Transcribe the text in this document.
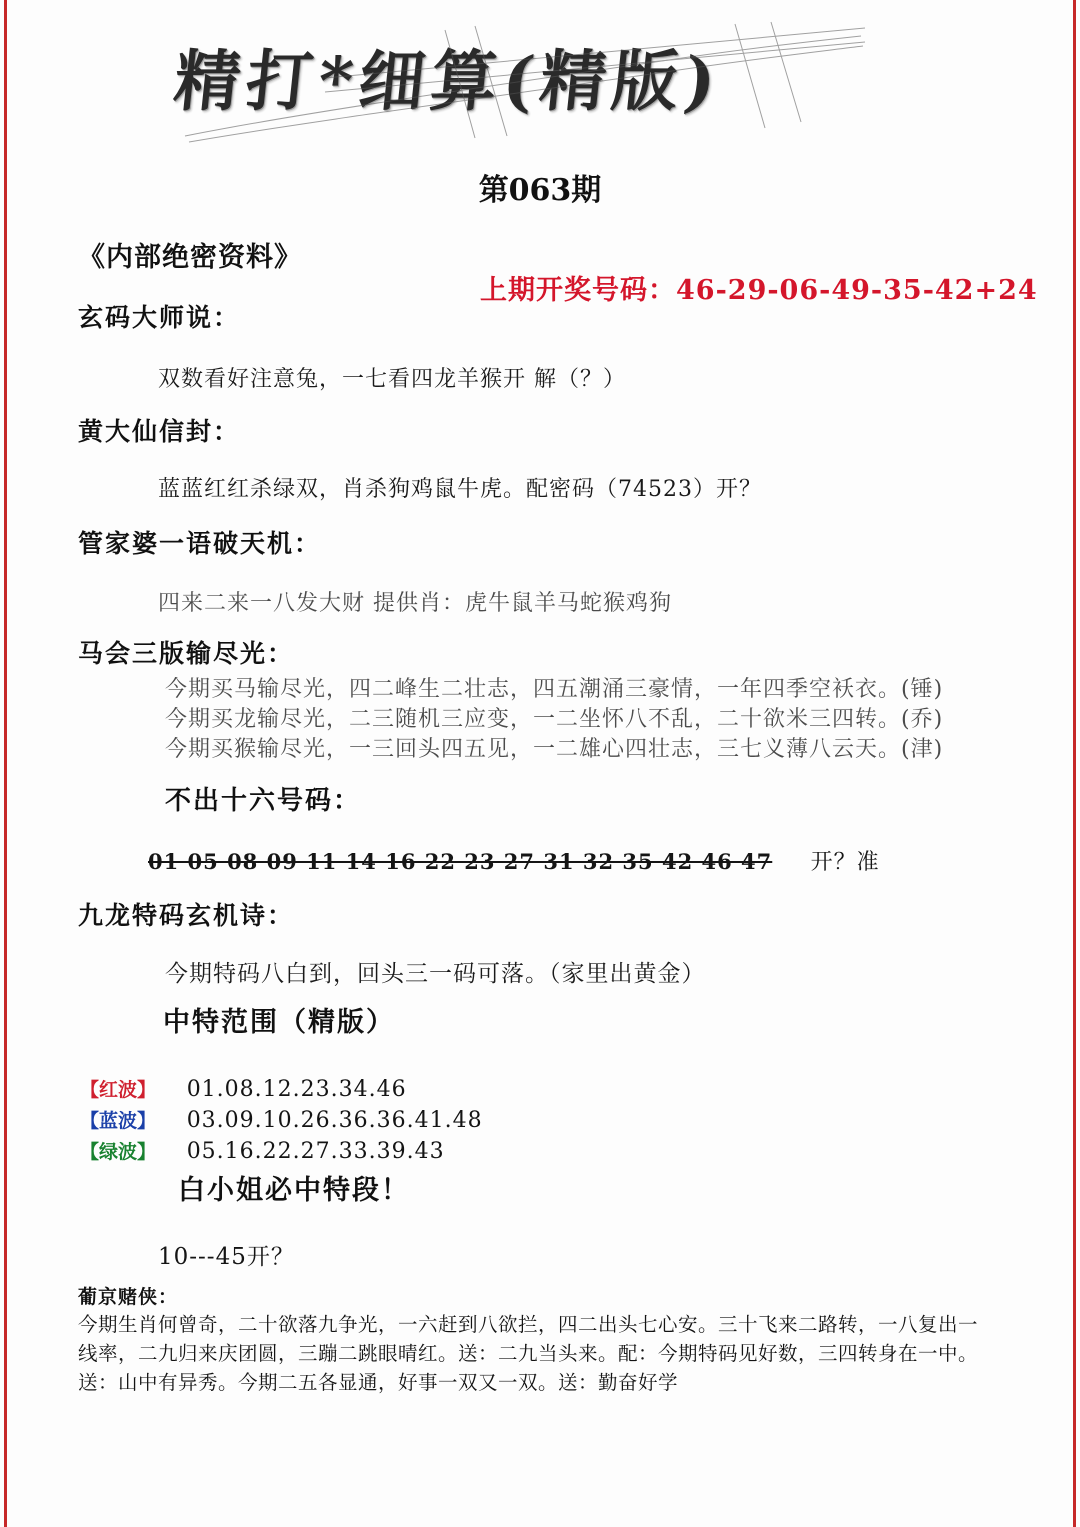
精打*细算(精版)
第063期
《内部绝密资料》
上期开奖号码：46-29-06-49-35-42+24
玄码大师说：
双数看好注意兔，一七看四龙羊猴开 解（？）
黄大仙信封：
蓝蓝红红杀绿双，肖杀狗鸡鼠牛虎。配密码（74523）开？
管家婆一语破天机：
四来二来一八发大财 提供肖：虎牛鼠羊马蛇猴鸡狗
马会三版输尽光：
今期买马输尽光，四二峰生二壮志，四五潮涌三豪情，一年四季空袄衣。(锤)
今期买龙输尽光，二三随机三应变，一二坐怀八不乱，二十欲米三四转。(乔)
今期买猴输尽光，一三回头四五见，一二雄心四壮志，三七义薄八云天。(津)
不出十六号码：
01 05 08 09 11 14 16 22 23 27 31 32 35 42 46 47 开？准
九龙特码玄机诗：
今期特码八白到，回头三一码可落。（家里出黄金）
中特范围（精版）
【红波】 01.08.12.23.34.46
【蓝波】 03.09.10.26.36.36.41.48
【绿波】 05.16.22.27.33.39.43
白小姐必中特段！
10---45开？
葡京赌侠：
今期生肖何曾奇，二十欲落九争光，一六赶到八欲拦，四二出头七心安。三十飞来二路转，一八复出一
线率，二九归来庆团圆，三蹦二跳眼晴红。送：二九当头来。配：今期特码见好数，三四转身在一中。
送：山中有异秀。今期二五各显通，好事一双又一双。送：勤奋好学
